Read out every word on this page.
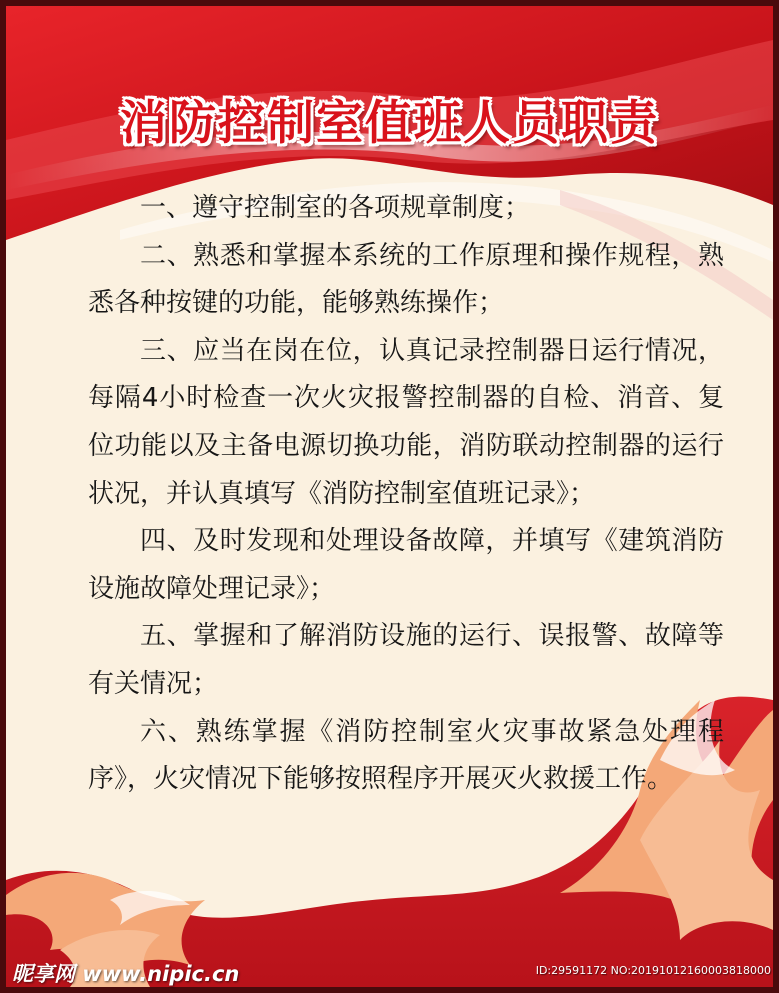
消防控制室值班人员职责

一、遵守控制室的各项规章制度；

二、熟悉和掌握本系统的工作原理和操作规程，熟悉各种按键的功能，能够熟练操作；

三、应当在岗在位，认真记录控制器日运行情况，每隔4小时检查一次火灾报警控制器的自检、消音、复位功能以及主备电源切换功能，消防联动控制器的运行状况，并认真填写《消防控制室值班记录》；

四、及时发现和处理设备故障，并填写《建筑消防设施故障处理记录》；

五、掌握和了解消防设施的运行、误报警、故障等有关情况；

六、熟练掌握《消防控制室火灾事故紧急处理程序》，火灾情况下能够按照程序开展灭火救援工作。

昵享网 www.nipic.cn	ID:29591172 NO:20191012160003818000
